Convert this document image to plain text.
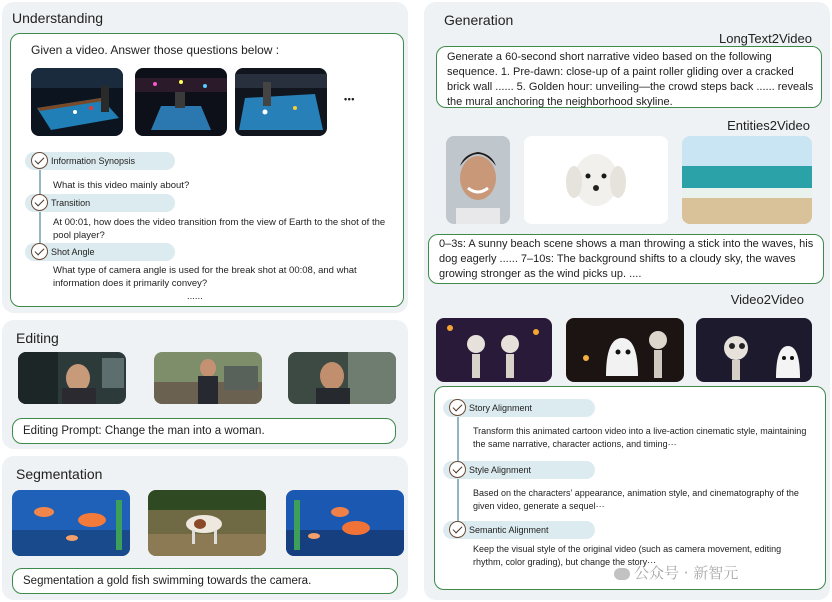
Understanding
Given a video. Answer those questions below :
• • •
Information Synopsis
What is this video mainly about?
Transition
At 00:01, how does the video transition from the view of Earth to the shot of the pool player?
Shot Angle
What type of camera angle is used for the break shot at 00:08, and what information does it primarily convey?
......
Editing
Editing Prompt: Change the man into a woman.
Segmentation
Segmentation a gold fish swimming towards the camera.
Generation
LongText2Video
Generate a 60-second short narrative video based on the following sequence. 1. Pre-dawn: close-up of a paint roller gliding over a cracked brick wall ...... 5. Golden hour: unveiling—the crowd steps back ...... reveals the mural anchoring the neighborhood skyline.
Entities2Video
0–3s: A sunny beach scene shows a man throwing a stick into the waves, his dog eagerly ...... 7–10s: The background shifts to a cloudy sky, the waves growing stronger as the wind picks up. ....
Video2Video
Story Alignment
Transform this animated cartoon video into a live-action cinematic style, maintaining the same narrative, character actions, and timing···
Style Alignment
Based on the characters’ appearance, animation style, and cinematography of the given video, generate a sequel···
Semantic Alignment
Keep the visual style of the original video (such as camera movement, editing rhythm, color grading), but change the story···
公众号 · 新智元
